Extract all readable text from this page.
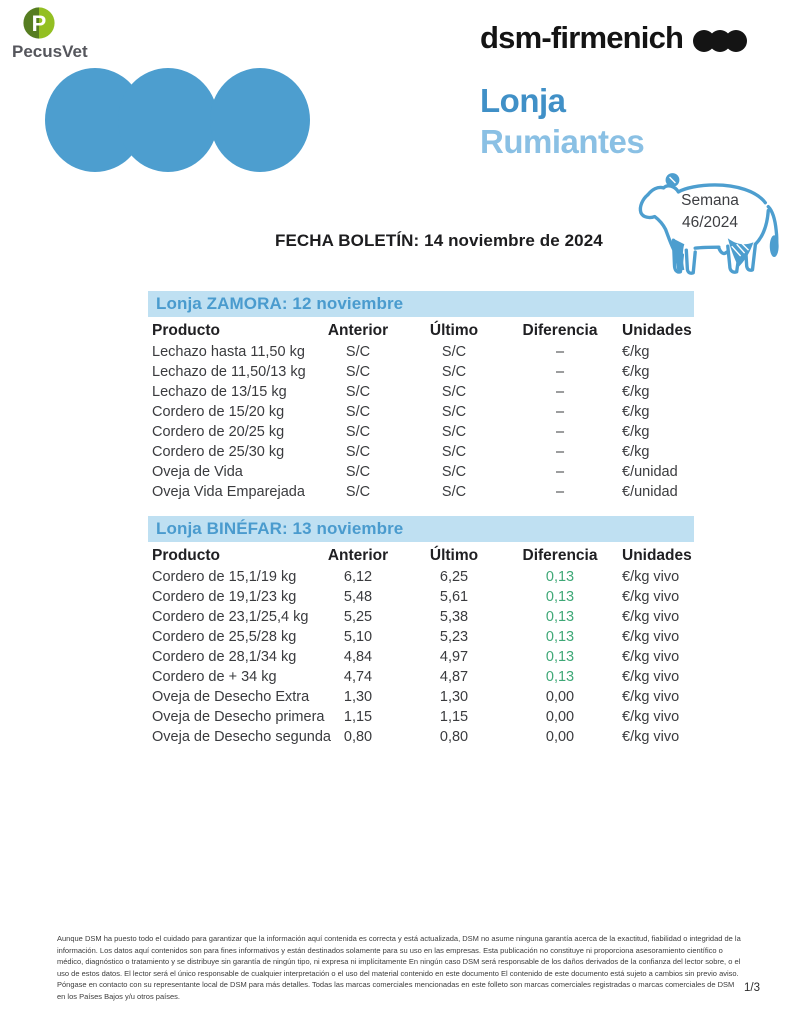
P
PecusVet	dsm-firmenich
Lonja
Rumiantes
Semana
46/2024
FECHA BOLETÍN: 14 noviembre de 2024
Lonja ZAMORA: 12 noviembre
Producto	Anterior	Último	Diferencia	Unidades
Lechazo hasta 11,50 kg	S/C	S/C	–	€/kg
Lechazo de 11,50/13 kg	S/C	S/C	–	€/kg
Lechazo de 13/15 kg	S/C	S/C	–	€/kg
Cordero de 15/20 kg	S/C	S/C	–	€/kg
Cordero de 20/25 kg	S/C	S/C	–	€/kg
Cordero de 25/30 kg	S/C	S/C	–	€/kg
Oveja de Vida	S/C	S/C	–	€/unidad
Oveja Vida Emparejada	S/C	S/C	–	€/unidad
Lonja BINÉFAR: 13 noviembre
Producto	Anterior	Último	Diferencia	Unidades
Cordero de 15,1/19 kg	6,12	6,25	0,13	€/kg vivo
Cordero de 19,1/23 kg	5,48	5,61	0,13	€/kg vivo
Cordero de 23,1/25,4 kg	5,25	5,38	0,13	€/kg vivo
Cordero de 25,5/28 kg	5,10	5,23	0,13	€/kg vivo
Cordero de 28,1/34 kg	4,84	4,97	0,13	€/kg vivo
Cordero de + 34 kg	4,74	4,87	0,13	€/kg vivo
Oveja de Desecho Extra	1,30	1,30	0,00	€/kg vivo
Oveja de Desecho primera	1,15	1,15	0,00	€/kg vivo
Oveja de Desecho segunda 0,80	0,80	0,00	€/kg vivo
Aunque DSM ha puesto todo el cuidado para garantizar que la información aquí contenida es correcta y está actualizada, DSM no asume ninguna garantía acerca de la exactitud, fiabilidad o integridad de la información. Los datos aquí contenidos son para fines informativos y están destinados solamente para su uso en las empresas. Esta publicación no constituye ni proporciona asesoramiento científico o médico, diagnóstico o tratamiento y se distribuye sin garantía de ningún tipo, ni expresa ni implícitamente En ningún caso DSM será responsable de los daños derivados de la confianza del lector sobre, o el uso de estos datos. El lector será el único responsable de cualquier interpretación o el uso del material contenido en este documento El contenido de este documento está sujeto a cambios sin previo aviso. Póngase en contacto con su representante local de DSM para más detalles. Todas las marcas comerciales mencionadas en este folleto son marcas comerciales registradas o marcas comerciales de DSM en los Países Bajos y/u otros países.
1/3
